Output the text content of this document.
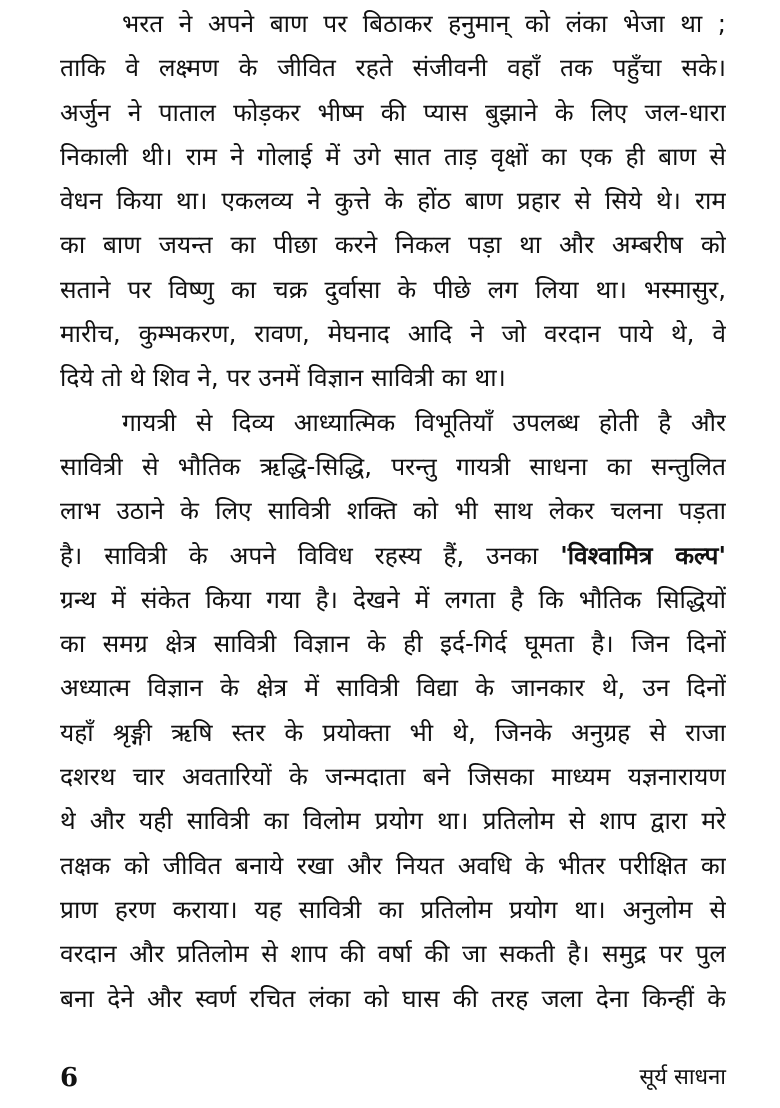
भरत ने अपने बाण पर बिठाकर हनुमान् को लंका भेजा था ;
ताकि वे लक्ष्मण के जीवित रहते संजीवनी वहाँ तक पहुँचा सके।
अर्जुन ने पाताल फोड़कर भीष्म की प्यास बुझाने के लिए जल-धारा
निकाली थी। राम ने गोलाई में उगे सात ताड़ वृक्षों का एक ही बाण से
वेधन किया था। एकलव्य ने कुत्ते के होंठ बाण प्रहार से सिये थे। राम
का बाण जयन्त का पीछा करने निकल पड़ा था और अम्बरीष को
सताने पर विष्णु का चक्र दुर्वासा के पीछे लग लिया था। भस्मासुर,
मारीच, कुम्भकरण, रावण, मेघनाद आदि ने जो वरदान पाये थे, वे
दिये तो थे शिव ने, पर उनमें विज्ञान सावित्री का था।
गायत्री से दिव्य आध्यात्मिक विभूतियाँ उपलब्ध होती है और
सावित्री से भौतिक ऋद्धि-सिद्धि, परन्तु गायत्री साधना का सन्तुलित
लाभ उठाने के लिए सावित्री शक्ति को भी साथ लेकर चलना पड़ता
है। सावित्री के अपने विविध रहस्य हैं, उनका 'विश्वामित्र कल्प'
ग्रन्थ में संकेत किया गया है। देखने में लगता है कि भौतिक सिद्धियों
का समग्र क्षेत्र सावित्री विज्ञान के ही इर्द-गिर्द घूमता है। जिन दिनों
अध्यात्म विज्ञान के क्षेत्र में सावित्री विद्या के जानकार थे, उन दिनों
यहाँ श्रृङ्गी ऋषि स्तर के प्रयोक्ता भी थे, जिनके अनुग्रह से राजा
दशरथ चार अवतारियों के जन्मदाता बने जिसका माध्यम यज्ञनारायण
थे और यही सावित्री का विलोम प्रयोग था। प्रतिलोम से शाप द्वारा मरे
तक्षक को जीवित बनाये रखा और नियत अवधि के भीतर परीक्षित का
प्राण हरण कराया। यह सावित्री का प्रतिलोम प्रयोग था। अनुलोम से
वरदान और प्रतिलोम से शाप की वर्षा की जा सकती है। समुद्र पर पुल
बना देने और स्वर्ण रचित लंका को घास की तरह जला देना किन्हीं के
6	सूर्य साधना
